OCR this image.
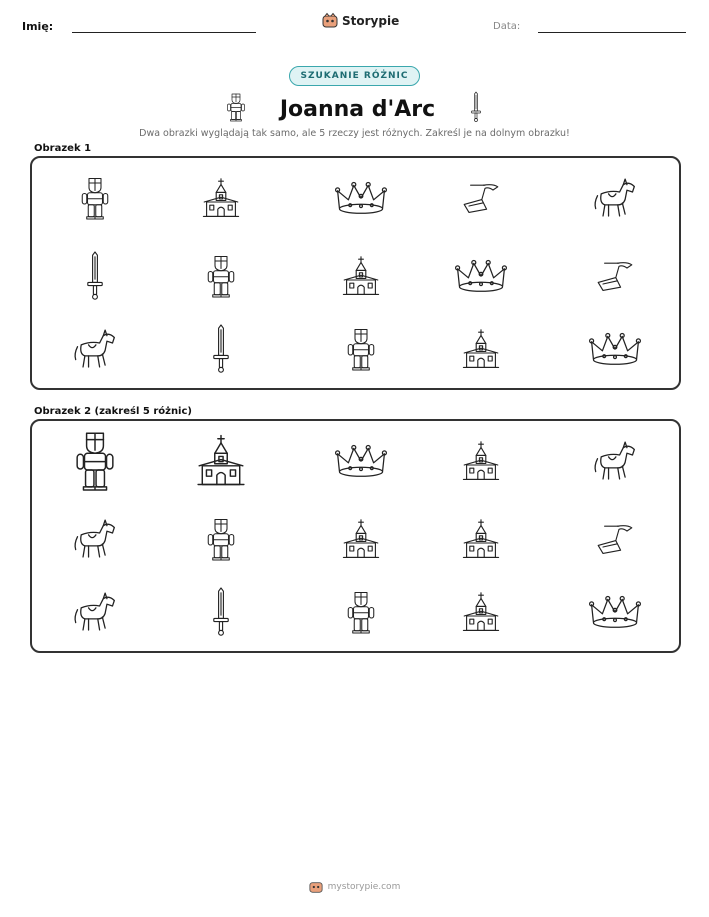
Imię:	Storypie	Data:
SZUKANIE RÓŻNIC
Joanna d'Arc
Dwa obrazki wyglądają tak samo, ale 5 rzeczy jest różnych. Zakreśl je na dolnym obrazku!
Obrazek 1
Obrazek 2 (zakreśl 5 różnic)
mystorypie.com
